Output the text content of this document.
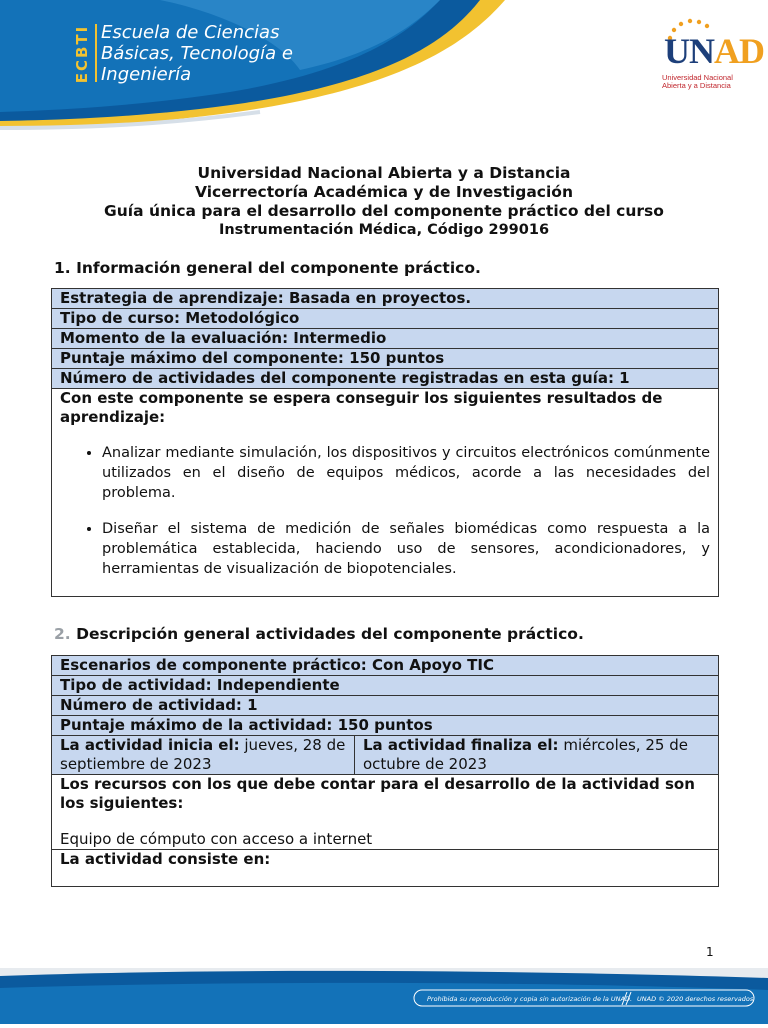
ECBTI Escuela de Ciencias
Básicas, Tecnología e
Ingeniería
UNAD
Universidad Nacional
Abierta y a Distancia
Universidad Nacional Abierta y a Distancia
Vicerrectoría Académica y de Investigación
Guía única para el desarrollo del componente práctico del curso
Instrumentación Médica, Código 299016
1. Información general del componente práctico.
Estrategia de aprendizaje: Basada en proyectos.
Tipo de curso: Metodológico
Momento de la evaluación: Intermedio
Puntaje máximo del componente: 150 puntos
Número de actividades del componente registradas en esta guía: 1

Con este componente se espera conseguir los siguientes resultados de aprendizaje:
• Analizar mediante simulación, los dispositivos y circuitos electrónicos comúnmente utilizados en el diseño de equipos médicos, acorde a las necesidades del problema.
• Diseñar el sistema de medición de señales biomédicas como respuesta a la problemática establecida, haciendo uso de sensores, acondicionadores, y herramientas de visualización de biopotenciales.
2. Descripción general actividades del componente práctico.
Escenarios de componente práctico: Con Apoyo TIC
Tipo de actividad: Independiente
Número de actividad: 1
Puntaje máximo de la actividad: 150 puntos
La actividad inicia el: jueves, 28 de septiembre de 2023	La actividad finaliza el: miércoles, 25 de octubre de 2023

Los recursos con los que debe contar para el desarrollo de la actividad son los siguientes:
Equipo de cómputo con acceso a internet

La actividad consiste en:
1
Prohibida su reproducción y copia sin autorización de la UNAD. UNAD © 2020 derechos reservados
